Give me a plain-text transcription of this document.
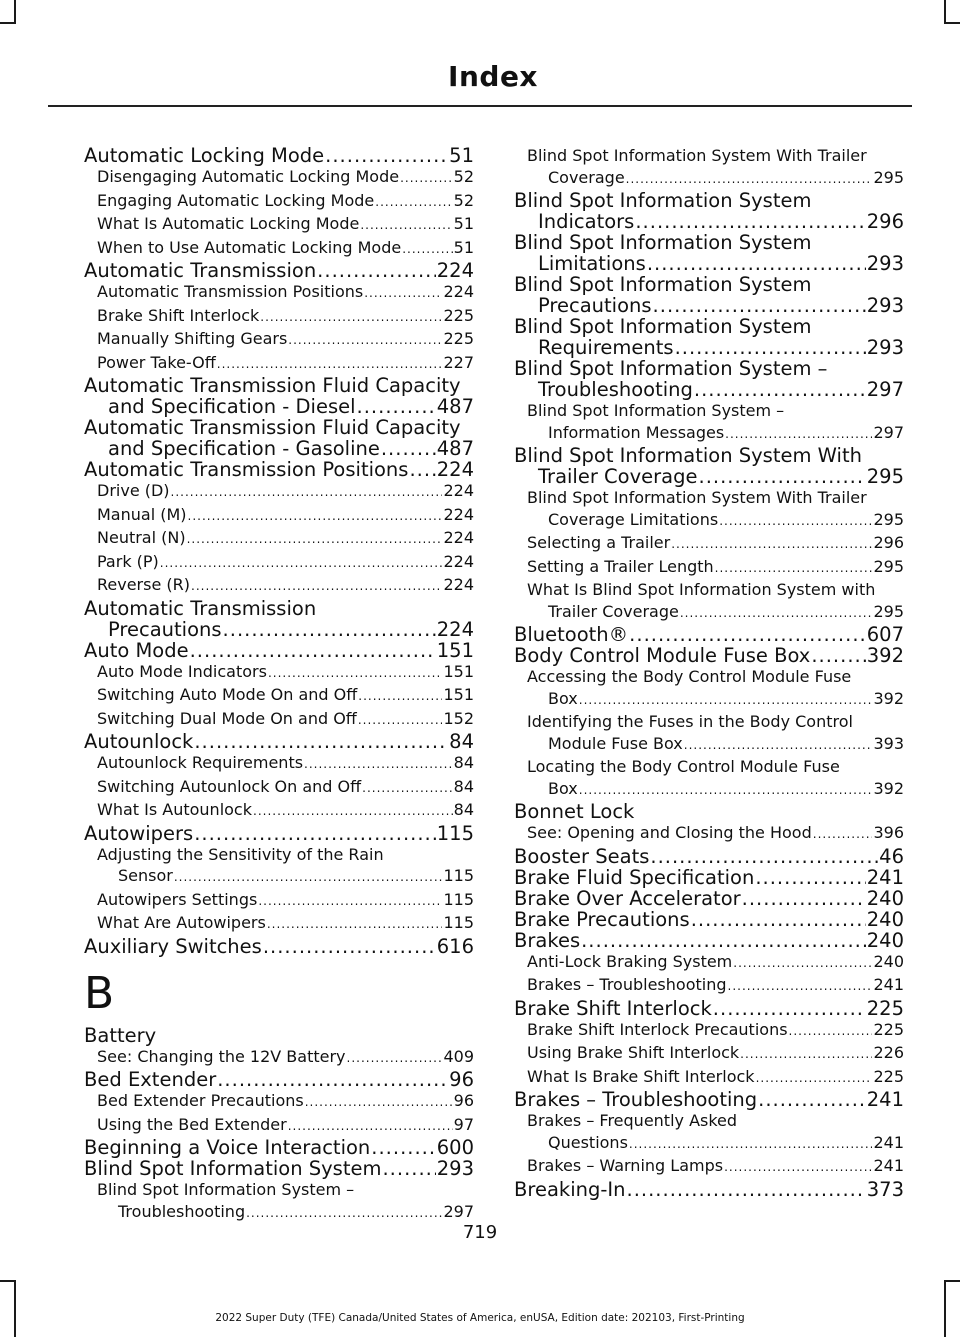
Index
Automatic Locking Mode .....	51
Disengaging Automatic Locking Mode .....	52
Engaging Automatic Locking Mode .....	52
What Is Automatic Locking Mode .....	51
When to Use Automatic Locking Mode .....	51
Automatic Transmission .....	224
Automatic Transmission Positions .....	224
Brake Shift Interlock .....	225
Manually Shifting Gears .....	225
Power Take-Off .....	227
Automatic Transmission Fluid Capacity
and Specification - Diesel .....	487
Automatic Transmission Fluid Capacity
and Specification - Gasoline .....	487
Automatic Transmission Positions ..... 224
Drive (D) .....	224
Manual (M) .....	224
Neutral (N) .....	224
Park (P) .....	224
Reverse (R) .....	224
Automatic Transmission
Precautions .....	224
Auto Mode .....	151
Auto Mode Indicators .....	151
Switching Auto Mode On and Off .....	151
Switching Dual Mode On and Off .....	152
Autounlock .....	84
Autounlock Requirements .....	84
Switching Autounlock On and Off .....	84
What Is Autounlock .....	84
Autowipers .....	115
Adjusting the Sensitivity of the Rain
Sensor .....	115
Autowipers Settings .....	115
What Are Autowipers .....	115
Auxiliary Switches .....	616
B
Battery
See: Changing the 12V Battery .....	409
Bed Extender .....	96
Bed Extender Precautions .....	96
Using the Bed Extender .....	97
Beginning a Voice Interaction .....	600
Blind Spot Information System .....	293
Blind Spot Information System –
Troubleshooting .....	297
Blind Spot Information System With Trailer
Coverage .....	295
Blind Spot Information System
Indicators .....	296
Blind Spot Information System
Limitations .....	293
Blind Spot Information System
Precautions .....	293
Blind Spot Information System
Requirements .....	293
Blind Spot Information System –
Troubleshooting .....	297
Blind Spot Information System –
Information Messages .....	297
Blind Spot Information System With
Trailer Coverage .....	295
Blind Spot Information System With Trailer
Coverage Limitations .....	295
Selecting a Trailer .....	296
Setting a Trailer Length .....	295
What Is Blind Spot Information System with
Trailer Coverage .....	295
Bluetooth® .....	607
Body Control Module Fuse Box .....	392
Accessing the Body Control Module Fuse
Box .....	392
Identifying the Fuses in the Body Control
Module Fuse Box .....	393
Locating the Body Control Module Fuse
Box .....	392
Bonnet Lock
See: Opening and Closing the Hood .....	396
Booster Seats .....	46
Brake Fluid Specification .....	241
Brake Over Accelerator .....	240
Brake Precautions .....	240
Brakes .....	240
Anti-Lock Braking System .....	240
Brakes – Troubleshooting .....	241
Brake Shift Interlock .....	225
Brake Shift Interlock Precautions .....	225
Using Brake Shift Interlock .....	226
What Is Brake Shift Interlock .....	225
Brakes – Troubleshooting .....	241
Brakes – Frequently Asked
Questions .....	241
Brakes – Warning Lamps .....	241
Breaking-In .....	373
719
2022 Super Duty (TFE) Canada/United States of America, enUSA, Edition date: 202103, First-Printing
